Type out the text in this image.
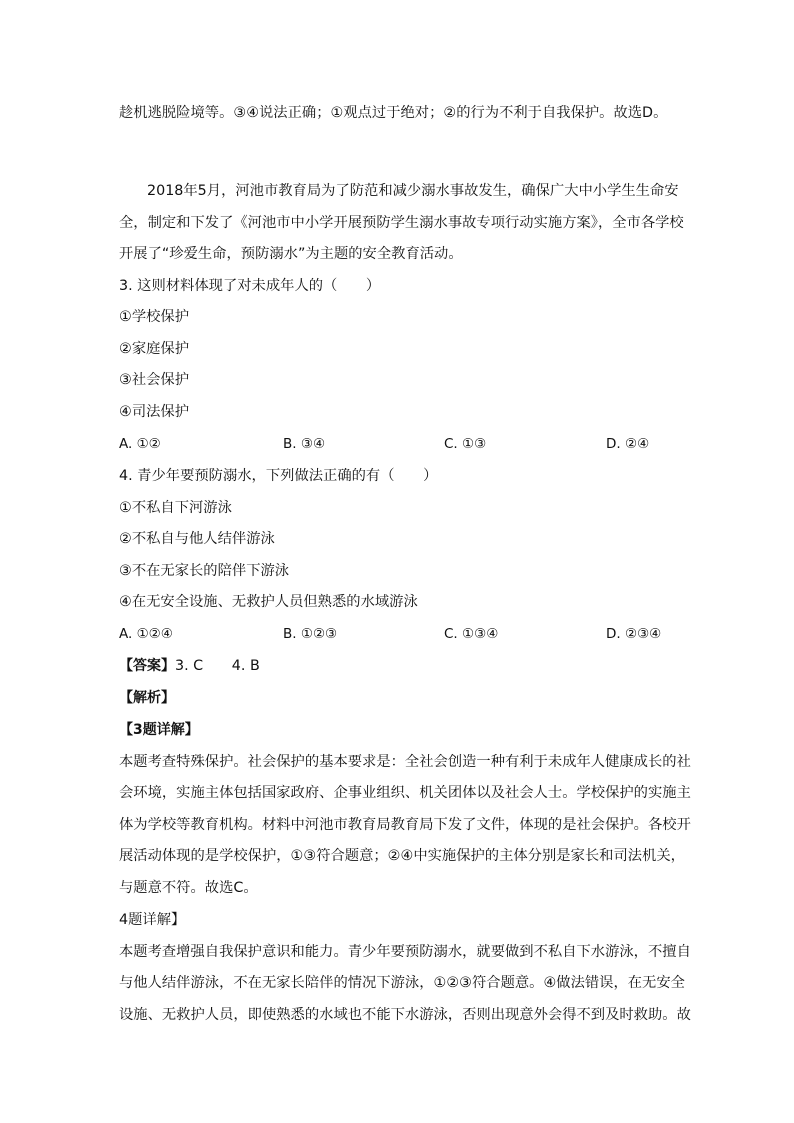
趁机逃脱险境等。③④说法正确；①观点过于绝对；②的行为不利于自我保护。故选D。
2018年5月，河池市教育局为了防范和减少溺水事故发生，确保广大中小学生生命安
全，制定和下发了《河池市中小学开展预防学生溺水事故专项行动实施方案》，全市各学校
开展了“珍爱生命，预防溺水”为主题的安全教育活动。
3. 这则材料体现了对未成年人的（　　）
①学校保护
②家庭保护
③社会保护
④司法保护
A. ①②	B. ③④	C. ①③	D. ②④
4. 青少年要预防溺水，下列做法正确的有（　　）
①不私自下河游泳
②不私自与他人结伴游泳
③不在无家长的陪伴下游泳
④在无安全设施、无救护人员但熟悉的水域游泳
A. ①②④	B. ①②③	C. ①③④	D. ②③④
【答案】3. C　　4. B
【解析】
【3题详解】
本题考查特殊保护。社会保护的基本要求是：全社会创造一种有利于未成年人健康成长的社
会环境，实施主体包括国家政府、企事业组织、机关团体以及社会人士。学校保护的实施主
体为学校等教育机构。材料中河池市教育局教育局下发了文件，体现的是社会保护。各校开
展活动体现的是学校保护，①③符合题意；②④中实施保护的主体分别是家长和司法机关，
与题意不符。故选C。
4题详解】
本题考查增强自我保护意识和能力。青少年要预防溺水，就要做到不私自下水游泳，不擅自
与他人结伴游泳，不在无家长陪伴的情况下游泳，①②③符合题意。④做法错误，在无安全
设施、无救护人员，即使熟悉的水域也不能下水游泳，否则出现意外会得不到及时救助。故
